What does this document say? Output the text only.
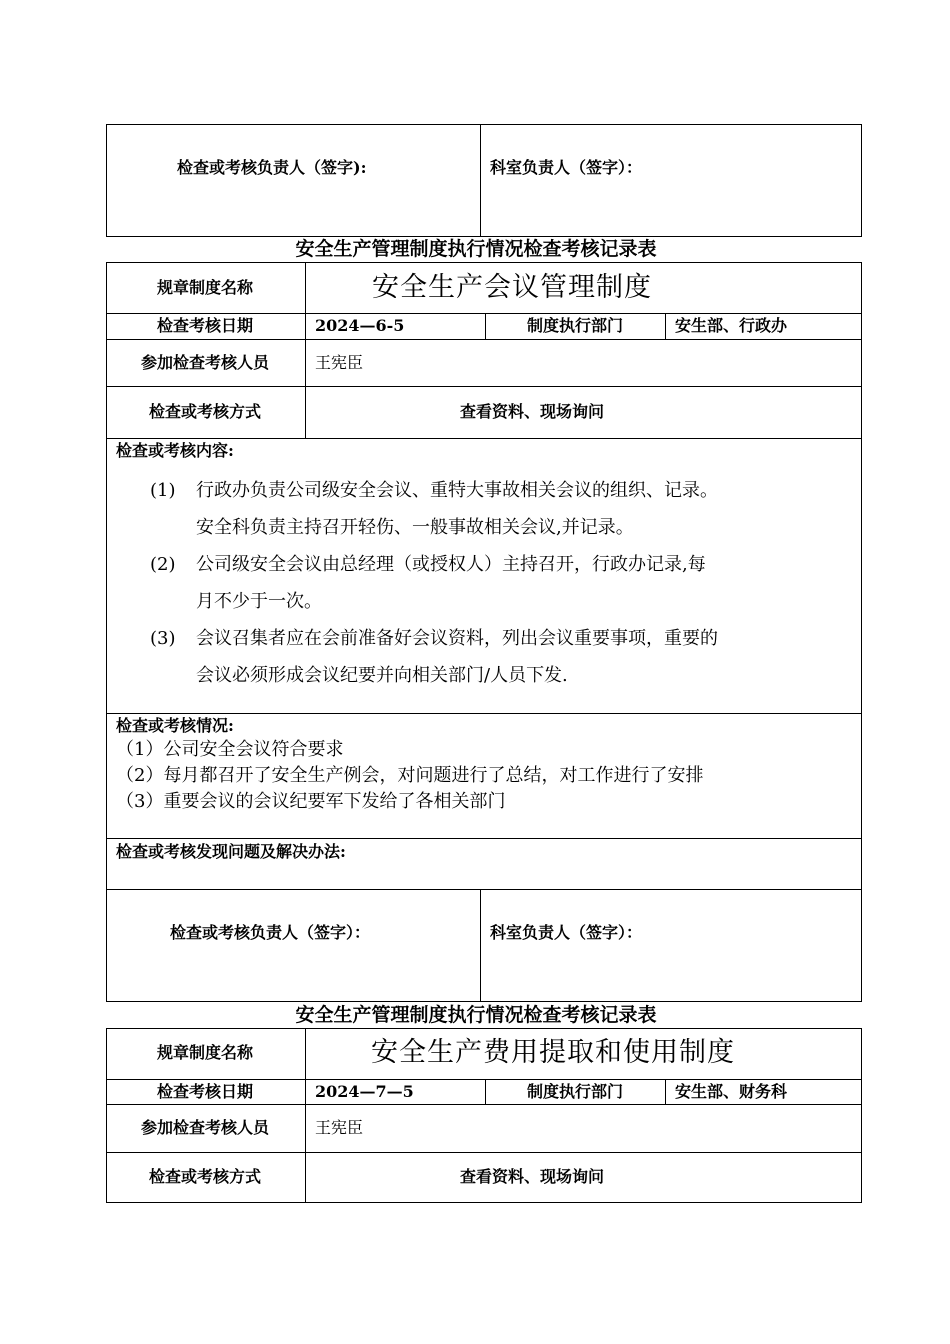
检查或考核负责人（签字):	科室负责人（签字）：
安全生产管理制度执行情况检查考核记录表
规章制度名称	安全生产会议管理制度
检查考核日期	2024—6-5	制度执行部门	安生部、行政办
参加检查考核人员	王宪臣
检查或考核方式	查看资料、现场询问
检查或考核内容:
(1) 行政办负责公司级安全会议、重特大事故相关会议的组织、记录。
安全科负责主持召开轻伤、一般事故相关会议,并记录。
(2) 公司级安全会议由总经理（或授权人）主持召开，行政办记录,每
月不少于一次。
(3) 会议召集者应在会前准备好会议资料，列出会议重要事项，重要的
会议必须形成会议纪要并向相关部门/人员下发.
检查或考核情况:
（1）公司安全会议符合要求
（2）每月都召开了安全生产例会，对问题进行了总结，对工作进行了安排
（3）重要会议的会议纪要军下发给了各相关部门
检查或考核发现问题及解决办法:
检查或考核负责人（签字）：	科室负责人（签字）：
安全生产管理制度执行情况检查考核记录表
规章制度名称	安全生产费用提取和使用制度
检查考核日期	2024—7—5	制度执行部门	安生部、财务科
参加检查考核人员	王宪臣
检查或考核方式	查看资料、现场询问
